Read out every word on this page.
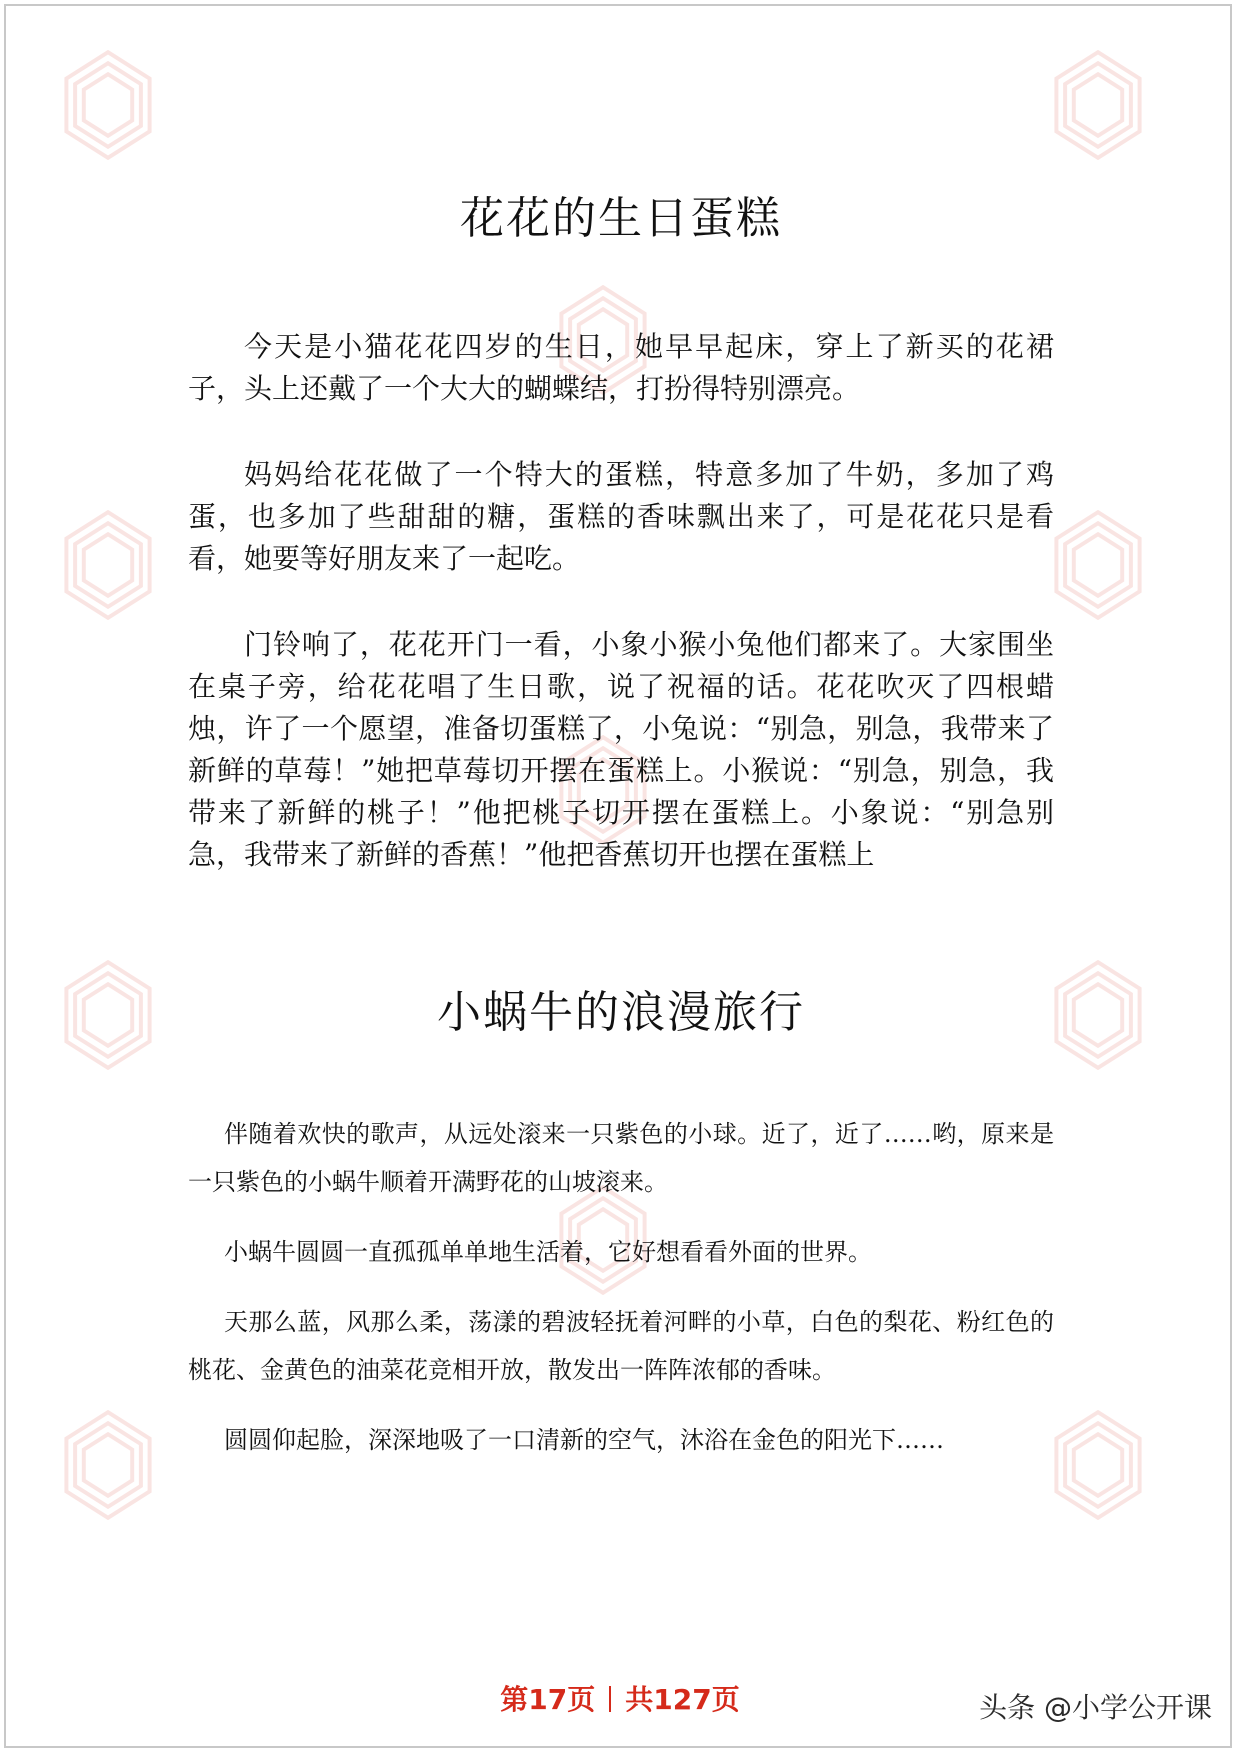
花花的生日蛋糕

今天是小猫花花四岁的生日，她早早起床，穿上了新买的花裙子，头上还戴了一个大大的蝴蝶结，打扮得特别漂亮。

妈妈给花花做了一个特大的蛋糕，特意多加了牛奶，多加了鸡蛋，也多加了些甜甜的糖，蛋糕的香味飘出来了，可是花花只是看看，她要等好朋友来了一起吃。

门铃响了，花花开门一看，小象小猴小兔他们都来了。大家围坐在桌子旁，给花花唱了生日歌，说了祝福的话。花花吹灭了四根蜡烛，许了一个愿望，准备切蛋糕了，小兔说：“别急，别急，我带来了新鲜的草莓！”她把草莓切开摆在蛋糕上。小猴说：“别急，别急，我带来了新鲜的桃子！”他把桃子切开摆在蛋糕上。小象说：“别急别急，我带来了新鲜的香蕉！”他把香蕉切开也摆在蛋糕上

小蜗牛的浪漫旅行

伴随着欢快的歌声，从远处滚来一只紫色的小球。近了，近了……哟，原来是一只紫色的小蜗牛顺着开满野花的山坡滚来。

小蜗牛圆圆一直孤孤单单地生活着，它好想看看外面的世界。

天那么蓝，风那么柔，荡漾的碧波轻抚着河畔的小草，白色的梨花、粉红色的桃花、金黄色的油菜花竞相开放，散发出一阵阵浓郁的香味。

圆圆仰起脸，深深地吸了一口清新的空气，沐浴在金色的阳光下……

第17页 共127页	头条 @小学公开课
